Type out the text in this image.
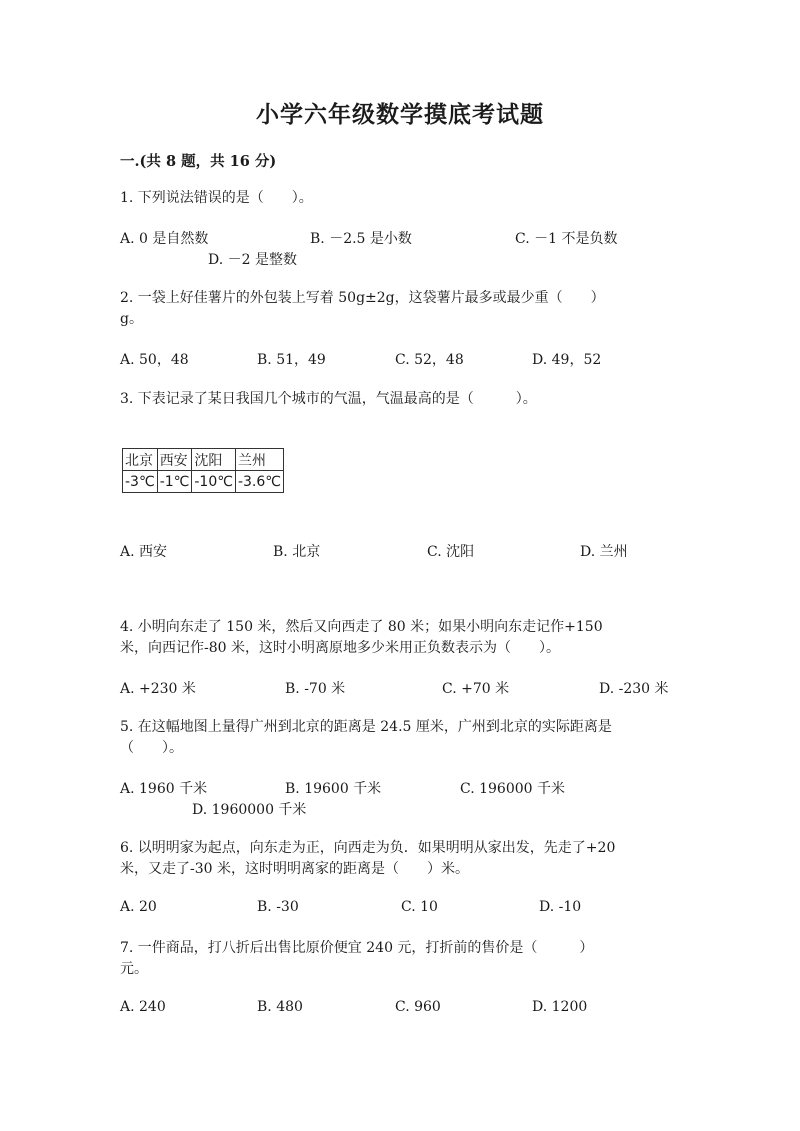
小学六年级数学摸底考试题
一.(共 8 题，共 16 分)
1. 下列说法错误的是（　　）。
A. 0 是自然数	B. －2.5 是小数	C. －1 不是负数
D. －2 是整数
2. 一袋上好佳薯片的外包装上写着 50g±2g，这袋薯片最多或最少重（　　）
g。
A. 50，48	B. 51，49	C. 52，48	D. 49，52
3. 下表记录了某日我国几个城市的气温，气温最高的是（　　　）。
北京	西安	沈阳	兰州
-3℃	-1℃	-10℃	-3.6℃
A. 西安	B. 北京	C. 沈阳	D. 兰州
4. 小明向东走了 150 米，然后又向西走了 80 米；如果小明向东走记作+150
米，向西记作-80 米，这时小明离原地多少米用正负数表示为（　　）。
A. +230 米	B. -70 米	C. +70 米	D. -230 米
5. 在这幅地图上量得广州到北京的距离是 24.5 厘米，广州到北京的实际距离是
（　　）。
A. 1960 千米	B. 19600 千米	C. 196000 千米
D. 1960000 千米
6. 以明明家为起点，向东走为正，向西走为负．如果明明从家出发，先走了+20
米，又走了-30 米，这时明明离家的距离是（　　）米。
A. 20	B. -30	C. 10	D. -10
7. 一件商品，打八折后出售比原价便宜 240 元，打折前的售价是（　　　）
元。
A. 240	B. 480	C. 960	D. 1200
